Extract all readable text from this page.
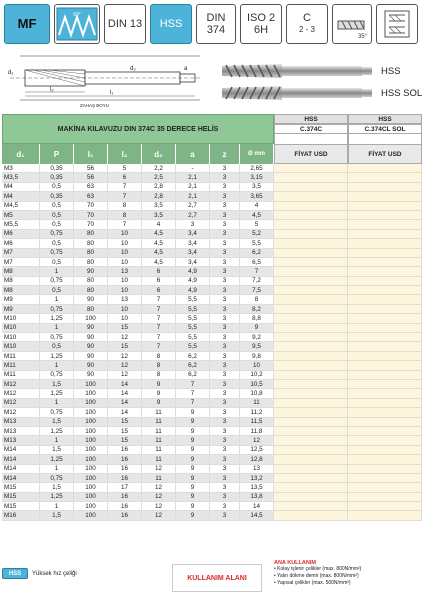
MF
60°
DIN 13	HSS	DIN 374
ISO 2 6H
C
2 - 3
35°
l₁
l₂
d₁
d₂	a
ZAHAŞ BOYU
HSS
HSS SOL
MAKİNA KILAVUZU DIN 374C 35 DERECE HELİS
HSS	HSS
C.374C	C.374CL SOL
FİYAT USD	FİYAT USD
d₁	P	l₁	l₂	d₂	a	z	Ø mm
M3	0,35	56	5	2,2	-	3	2,65
M3,5	0,35	56	6	2,5	2,1	3	3,15
M4	0,5	63	7	2,8	2,1	3	3,5
M4	0,35	63	7	2,8	2,1	3	3,65
M4,5	0,5	70	8	3,5	2,7	3	4
M5	0,5	70	8	3,5	2,7	3	4,5
M5,5	0,5	70	7	4	3	3	5
M6	0,75	80	10	4,5	3,4	3	5,2
M6	0,5	80	10	4,5	3,4	3	5,5
M7	0,75	80	10	4,5	3,4	3	6,2
M7	0,5	80	10	4,5	3,4	3	6,5
M8	1	90	13	6	4,9	3	7
M8	0,75	80	10	6	4,9	3	7,2
M8	0,5	80	10	6	4,9	3	7,5
M9	1	90	13	7	5,5	3	8
M9	0,75	80	10	7	5,5	3	8,2
M10	1,25	100	10	7	5,5	3	8,8
M10	1	90	15	7	5,5	3	9
M10	0,75	90	12	7	5,5	3	9,2
M10	0,5	90	15	7	5,5	3	9,5
M11	1,25	90	12	8	6,2	3	9,8
M11	1	90	12	8	6,2	3	10
M11	0,75	90	12	8	6,2	3	10,2
M12	1,5	100	14	9	7	3	10,5
M12	1,25	100	14	9	7	3	10,8
M12	1	100	14	9	7	3	11
M12	0,75	100	14	11	9	3	11,2
M13	1,5	100	15	11	9	3	11,5
M13	1,25	100	15	11	9	3	11,8
M13	1	100	15	11	9	3	12
M14	1,5	100	16	11	9	3	12,5
M14	1,25	100	16	11	9	3	12,8
M14	1	100	16	12	9	3	13
M14	0,75	100	16	11	9	3	13,2
M15	1,5	100	17	12	9	3	13,5
M15	1,25	100	16	12	9	3	13,8
M15	1	100	16	12	9	3	14
M16	1,5	100	16	12	9	3	14,5
HSS	Yüksek hız çeliği
KULLANIM ALANI
ANA KULLANIM
• Kolay işlenir çelikler (max. 800N/mm²)
• Yalın dökme demir (max. 800N/mm²)
• Yapısal çelikler (max. 500N/mm²)
